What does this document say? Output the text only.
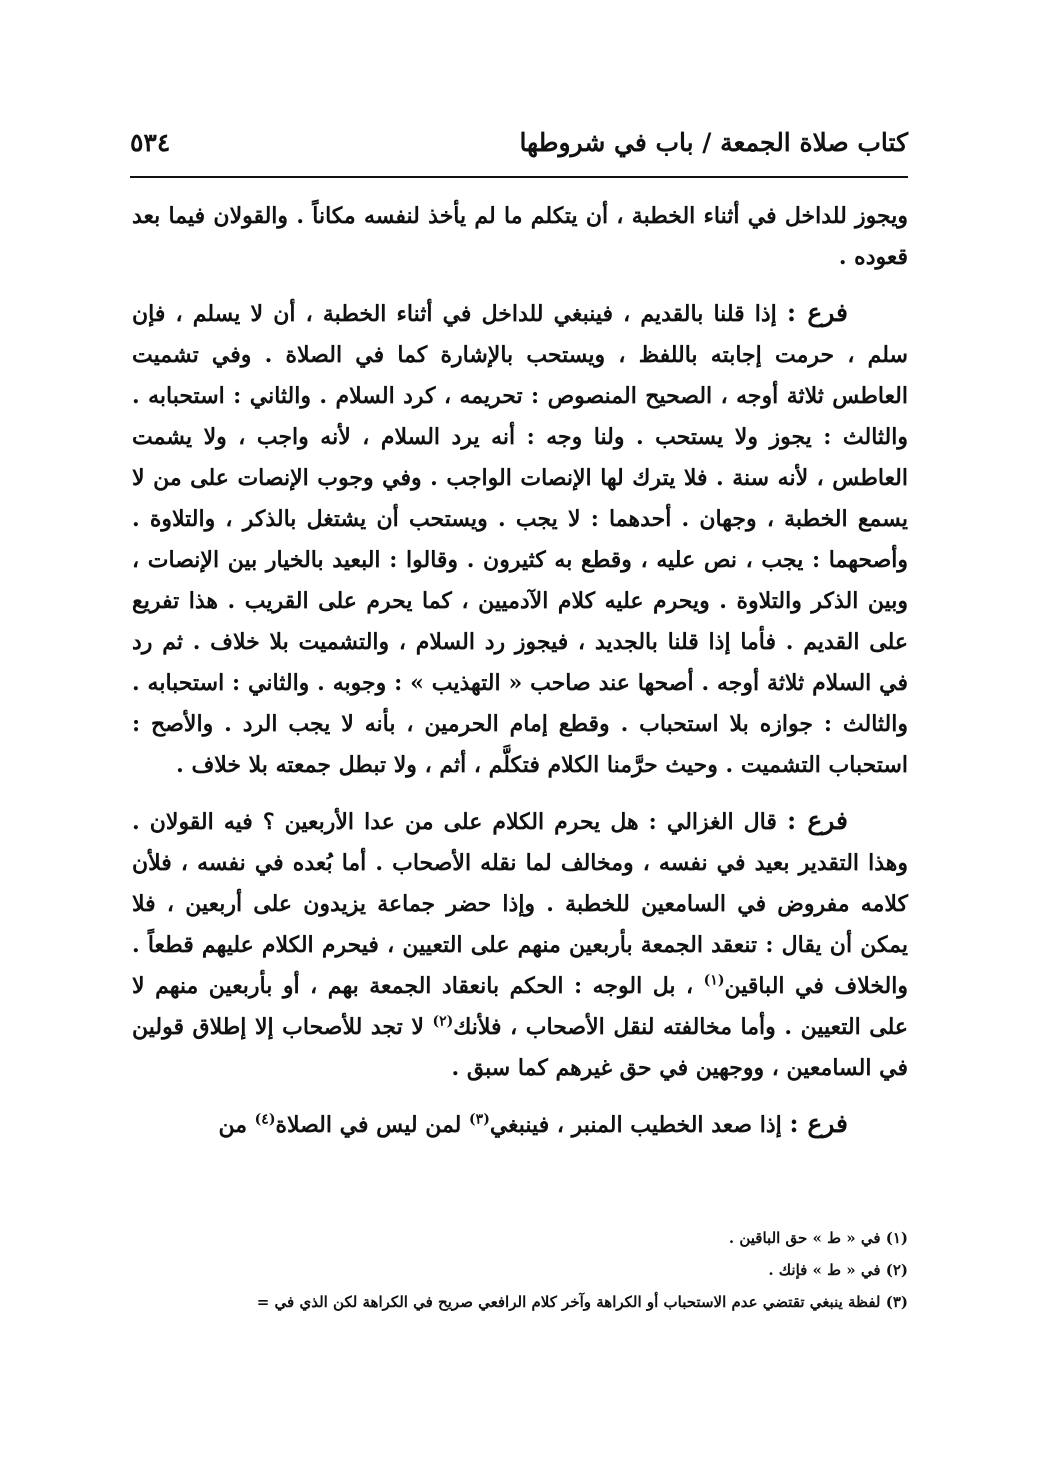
كتاب صلاة الجمعة / باب في شروطها
٥٣٤

ويجوز للداخل في أثناء الخطبة ، أن يتكلم ما لم يأخذ لنفسه مكاناً . والقولان فيما بعد قعوده .

فرع : إذا قلنا بالقديم ، فينبغي للداخل في أثناء الخطبة ، أن لا يسلم ، فإن سلم ، حرمت إجابته باللفظ ، ويستحب بالإشارة كما في الصلاة . وفي تشميت العاطس ثلاثة أوجه ، الصحيح المنصوص : تحريمه ، كرد السلام . والثاني : استحبابه . والثالث : يجوز ولا يستحب . ولنا وجه : أنه يرد السلام ، لأنه واجب ، ولا يشمت العاطس ، لأنه سنة . فلا يترك لها الإنصات الواجب . وفي وجوب الإنصات على من لا يسمع الخطبة ، وجهان . أحدهما : لا يجب . ويستحب أن يشتغل بالذكر ، والتلاوة . وأصحهما : يجب ، نص عليه ، وقطع به كثيرون . وقالوا : البعيد بالخيار بين الإنصات ، وبين الذكر والتلاوة . ويحرم عليه كلام الآدميين ، كما يحرم على القريب . هذا تفريع على القديم . فأما إذا قلنا بالجديد ، فيجوز رد السلام ، والتشميت بلا خلاف . ثم رد في السلام ثلاثة أوجه . أصحها عند صاحب « التهذيب » : وجوبه . والثاني : استحبابه . والثالث : جوازه بلا استحباب . وقطع إمام الحرمين ، بأنه لا يجب الرد . والأصح : استحباب التشميت . وحيث حرَّمنا الكلام فتكلَّم ، أثم ، ولا تبطل جمعته بلا خلاف .

فرع : قال الغزالي : هل يحرم الكلام على من عدا الأربعين ؟ فيه القولان . وهذا التقدير بعيد في نفسه ، ومخالف لما نقله الأصحاب . أما بُعده في نفسه ، فلأن كلامه مفروض في السامعين للخطبة . وإذا حضر جماعة يزيدون على أربعين ، فلا يمكن أن يقال : تنعقد الجمعة بأربعين منهم على التعيين ، فيحرم الكلام عليهم قطعاً . والخلاف في الباقين$^{(١)}$ ، بل الوجه : الحكم بانعقاد الجمعة بهم ، أو بأربعين منهم لا على التعيين . وأما مخالفته لنقل الأصحاب ، فلأنك$^{(٢)}$ لا تجد للأصحاب إلا إطلاق قولين في السامعين ، ووجهين في حق غيرهم كما سبق .

فرع : إذا صعد الخطيب المنبر ، فينبغي$^{(٣)}$ لمن ليس في الصلاة$^{(٤)}$ من

(١) في « ط » حق الباقين .

(٢) في « ط » فإنك .

(٣) لفظة ينبغي تقتضي عدم الاستحباب أو الكراهة وآخر كلام الرافعي صريح في الكراهة لكن الذي في =
